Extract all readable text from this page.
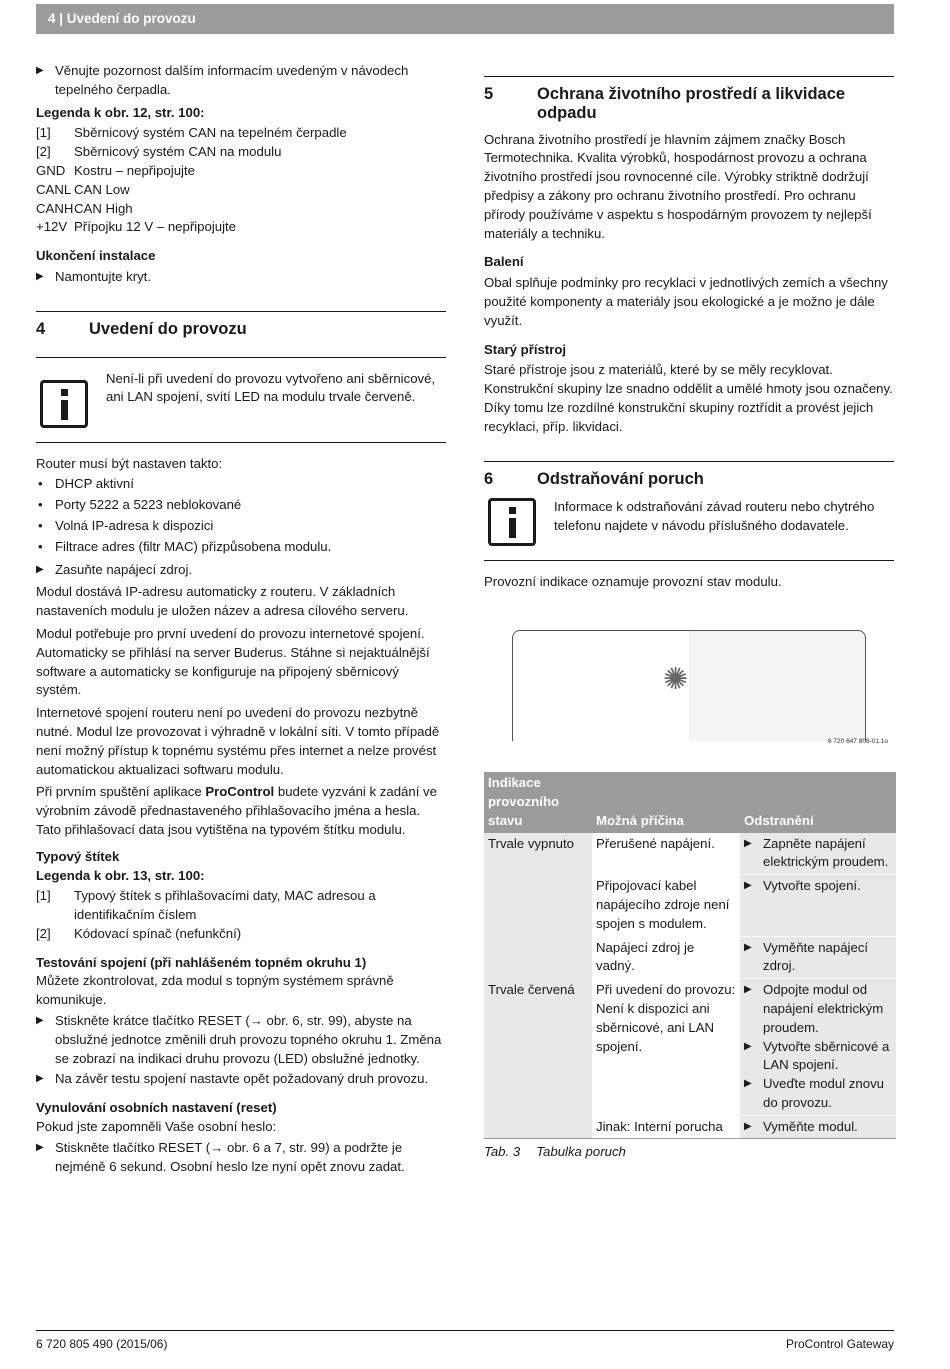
4 | Uvedení do provozu

▶ Věnujte pozornost dalším informacím uvedeným v návodech tepelného čerpadla.

Legenda k obr. 12, str. 100:

[1]	Sběrnicový systém CAN na tepelném čerpadle
[2]	Sběrnicový systém CAN na modulu
GND Kostru – nepřipojujte
CANL CAN Low
CANH CAN High
+12V Přípojku 12 V – nepřipojujte

Ukončení instalace

▶ Namontujte kryt.

4	Uvedení do provozu
Není-li při uvedení do provozu vytvořeno ani sběrnicové, ani LAN spojení, svítí LED na modulu trvale červeně.

Router musí být nastaven takto:

• DHCP aktivní
• Porty 5222 a 5223 neblokované
• Volná IP-adresa k dispozici
• Filtrace adres (filtr MAC) přizpůsobena modulu.

▶ Zasuňte napájecí zdroj.

Modul dostává IP-adresu automaticky z routeru. V základních nastaveních modulu je uložen název a adresa cílového serveru.

Modul potřebuje pro první uvedení do provozu internetové spojení. Automaticky se přihlásí na server Buderus. Stáhne si nejaktuálnější software a automaticky se konfiguruje na připojený sběrnicový systém.

Internetové spojení routeru není po uvedení do provozu nezbytně nutné. Modul lze provozovat i výhradně v lokální síti. V tomto případě není možný přístup k topnému systému přes internet a nelze provést automatickou aktualizaci softwaru modulu.

Při prvním spuštění aplikace ProControl budete vyzváni k zadání ve výrobním závodě přednastaveného přihlašovacího jména a hesla. Tato přihlašovací data jsou vytištěna na typovém štítku modulu.

Typový štítek

Legenda k obr. 13, str. 100:

[1]	Typový štítek s přihlašovacími daty, MAC adresou a identifikačním číslem
[2]	Kódovací spínač (nefunkční)

Testování spojení (při nahlášeném topném okruhu 1)

Můžete zkontrolovat, zda modul s topným systémem správně komunikuje.

▶ Stiskněte krátce tlačítko RESET (→ obr. 6, str. 99), abyste na obslužné jednotce změnili druh provozu topného okruhu 1. Změna se zobrazí na indikaci druhu provozu (LED) obslužné jednotky.

▶ Na závěr testu spojení nastavte opět požadovaný druh provozu.

Vynulování osobních nastavení (reset)

Pokud jste zapomněli Vaše osobní heslo:

▶ Stiskněte tlačítko RESET (→ obr. 6 a 7, str. 99) a podržte je nejméně 6 sekund. Osobní heslo lze nyní opět znovu zadat.

5	Ochrana životního prostředí a likvidace odpadu

Ochrana životního prostředí je hlavním zájmem značky Bosch Termotechnika. Kvalita výrobků, hospodárnost provozu a ochrana životního prostředí jsou rovnocenné cíle. Výrobky striktně dodržují předpisy a zákony pro ochranu životního prostředí. Pro ochranu přírody používáme v aspektu s hospodárným provozem ty nejlepší materiály a techniku.

Balení

Obal splňuje podmínky pro recyklaci v jednotlivých zemích a všechny použité komponenty a materiály jsou ekologické a je možno je dále využít.

Starý přístroj

Staré přístroje jsou z materiálů, které by se měly recyklovat. Konstrukční skupiny lze snadno oddělit a umělé hmoty jsou označeny. Díky tomu lze rozdílné konstrukční skupiny roztřídit a provést jejich recyklaci, příp. likvidaci.

6	Odstraňování poruch
Informace k odstraňování závad routeru nebo chytrého telefonu najdete v návodu příslušného dodavatele.

Provozní indikace oznamuje provozní stav modulu.

✺
6 720 647 808-01.1o
Indikace provozního stavu	Možná příčina	Odstranění
Trvale vypnuto	Přerušené napájení.	▶ Zapněte napájení elektrickým proudem.

	Připojovací kabel napájecího zdroje není spojen s modulem.	▶ Vytvořte spojení.

	Napájecí zdroj je vadný.	▶ Vyměňte napájecí zdroj.

Trvale červená	Při uvedení do provozu: Není k dispozici ani sběrnicové, ani LAN spojení.	▶ Odpojte modul od napájení elektrickým proudem.
▶ Vytvořte sběrnicové a LAN spojení.
▶ Uveďte modul znovu do provozu.

	Jinak: Interní porucha	▶ Vyměňte modul.
Tab. 3 Tabulka poruch
6 720 805 490 (2015/06)	ProControl Gateway
